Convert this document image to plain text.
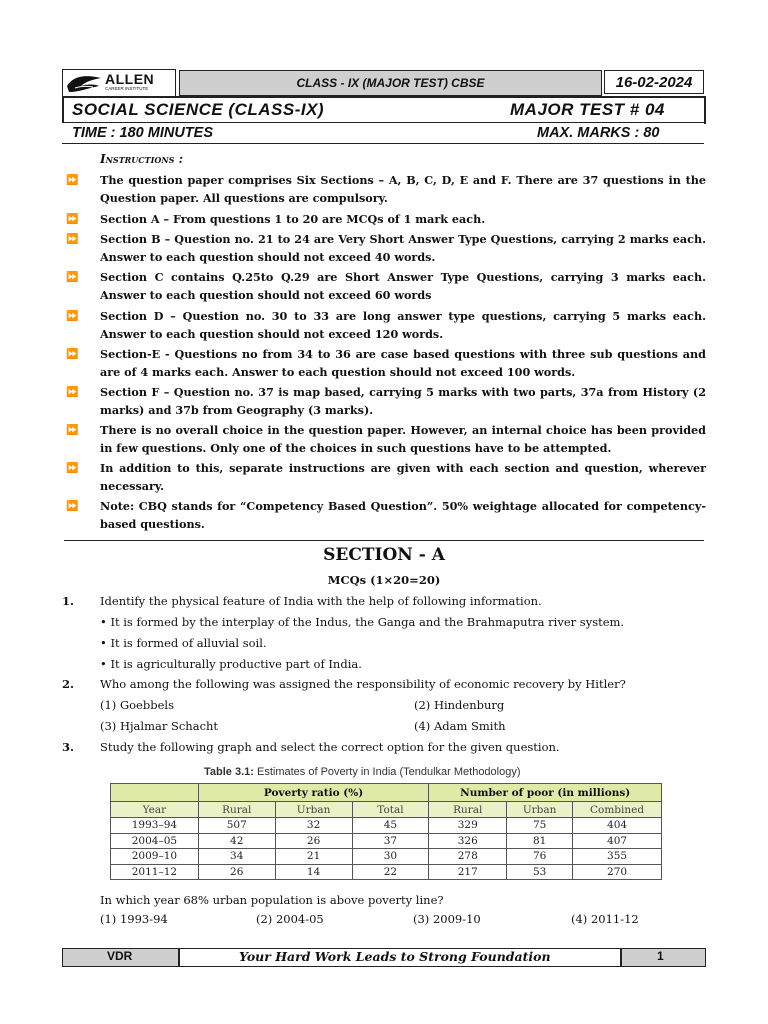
ALLEN
CAREER INSTITUTE	CLASS - IX (MAJOR TEST) CBSE	16-02-2024
SOCIAL SCIENCE (CLASS-IX)	MAJOR TEST # 04
TIME : 180 MINUTES	MAX. MARKS : 80
Instructions :
⏩	The question paper comprises Six Sections – A, B, C, D, E and F. There are 37 questions in the Question paper. All questions are compulsory.
⏩	Section A – From questions 1 to 20 are MCQs of 1 mark each.
⏩	Section B – Question no. 21 to 24 are Very Short Answer Type Questions, carrying 2 marks each. Answer to each question should not exceed 40 words.
⏩	Section C contains Q.25to Q.29 are Short Answer Type Questions, carrying 3 marks each. Answer to each question should not exceed 60 words
⏩	Section D – Question no. 30 to 33 are long answer type questions, carrying 5 marks each. Answer to each question should not exceed 120 words.
⏩	Section-E - Questions no from 34 to 36 are case based questions with three sub questions and are of 4 marks each. Answer to each question should not exceed 100 words.
⏩	Section F – Question no. 37 is map based, carrying 5 marks with two parts, 37a from History (2 marks) and 37b from Geography (3 marks).
⏩	There is no overall choice in the question paper. However, an internal choice has been provided in few questions. Only one of the choices in such questions have to be attempted.
⏩	In addition to this, separate instructions are given with each section and question, wherever necessary.
⏩	Note: CBQ stands for “Competency Based Question”. 50% weightage allocated for competency-based questions.
SECTION - A
MCQs (1×20=20)
1. Identify the physical feature of India with the help of following information.
• It is formed by the interplay of the Indus, the Ganga and the Brahmaputra river system.
• It is formed of alluvial soil.
• It is agriculturally productive part of India.
2. Who among the following was assigned the responsibility of economic recovery by Hitler?
(1) Goebbels	(2) Hindenburg
(3) Hjalmar Schacht	(4) Adam Smith
3. Study the following graph and select the correct option for the given question.
Table 3.1: Estimates of Poverty in India (Tendulkar Methodology)
	Poverty ratio (%)			Number of poor (in millions)		
Year	Rural	Urban	Total	Rural	Urban	Combined
1993–94	507	32	45	329	75	404
2004–05	42	26	37	326	81	407
2009–10	34	21	30	278	76	355
2011–12	26	14	22	217	53	270
In which year 68% urban population is above poverty line?
(1) 1993-94	(2) 2004-05	(3) 2009-10	(4) 2011-12
VDR	Your Hard Work Leads to Strong Foundation	1
